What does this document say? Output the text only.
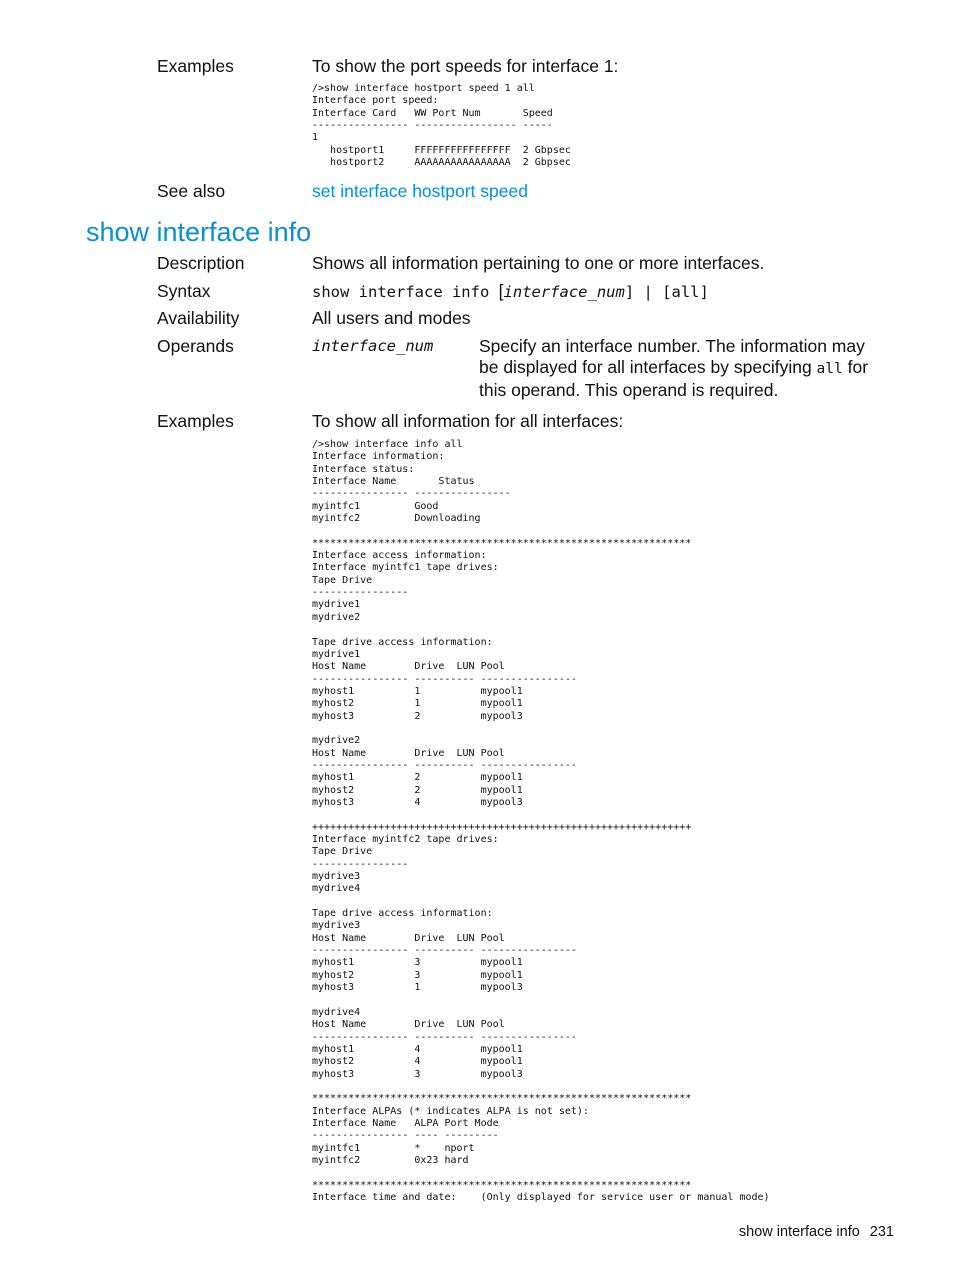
Examples	To show the port speeds for interface 1:
/>show interface hostport speed 1 all
Interface port speed:
Interface Card   WW Port Num       Speed
---------------- ----------------- -----
1
hostport1     FFFFFFFFFFFFFFFF  2 Gbpsec
hostport2     AAAAAAAAAAAAAAAA  2 Gbpsec
See also	set interface hostport speed
show interface info
Description	Shows all information pertaining to one or more interfaces.
Syntax	show interface info [interface_num] | [all]
Availability	All users and modes
Operands	interface_num	Specify an interface number. The information may be displayed for all interfaces by specifying all for this operand. This operand is required.
Examples	To show all information for all interfaces:
/>show interface info all
Interface information:
Interface status:
Interface Name       Status
---------------- ----------------
myintfc1         Good
myintfc2         Downloading

***************************************************************
Interface access information:
Interface myintfc1 tape drives:
Tape Drive
----------------
mydrive1
mydrive2

Tape drive access information:
mydrive1
Host Name        Drive  LUN Pool
---------------- ---------- ----------------
myhost1          1          mypool1
myhost2          1          mypool1
myhost3          2          mypool3

mydrive2
Host Name        Drive  LUN Pool
---------------- ---------- ----------------
myhost1          2          mypool1
myhost2          2          mypool1
myhost3          4          mypool3

+++++++++++++++++++++++++++++++++++++++++++++++++++++++++++++++
Interface myintfc2 tape drives:
Tape Drive
----------------
mydrive3
mydrive4

Tape drive access information:
mydrive3
Host Name        Drive  LUN Pool
---------------- ---------- ----------------
myhost1          3          mypool1
myhost2          3          mypool1
myhost3          1          mypool3

mydrive4
Host Name        Drive  LUN Pool
---------------- ---------- ----------------
myhost1          4          mypool1
myhost2          4          mypool1
myhost3          3          mypool3

***************************************************************
Interface ALPAs (* indicates ALPA is not set):
Interface Name   ALPA Port Mode
---------------- ---- ---------
myintfc1         *    nport
myintfc2         0x23 hard

***************************************************************
Interface time and date:    (Only displayed for service user or manual mode)
show interface info 231
